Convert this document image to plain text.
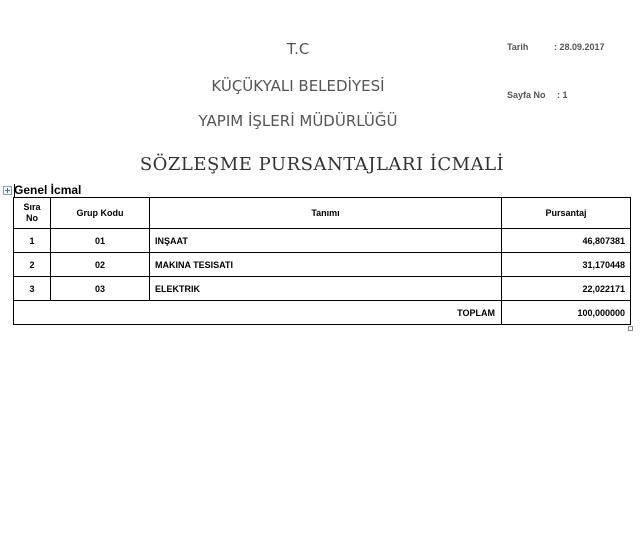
T.C
KÜÇÜKYALI BELEDİYESİ
YAPIM İŞLERİ MÜDÜRLÜĞÜ
Tarih	: 28.09.2017
Sayfa No : 1
SÖZLEŞME PURSANTAJLARI İCMALİ
Genel İcmal
Sıra
No	Grup Kodu	Tanımı	Pursantaj
1	01	INŞAAT	46,807381
2	02	MAKINA TESISATI	31,170448
3	03	ELEKTRIK	22,022171
		TOPLAM	100,000000
